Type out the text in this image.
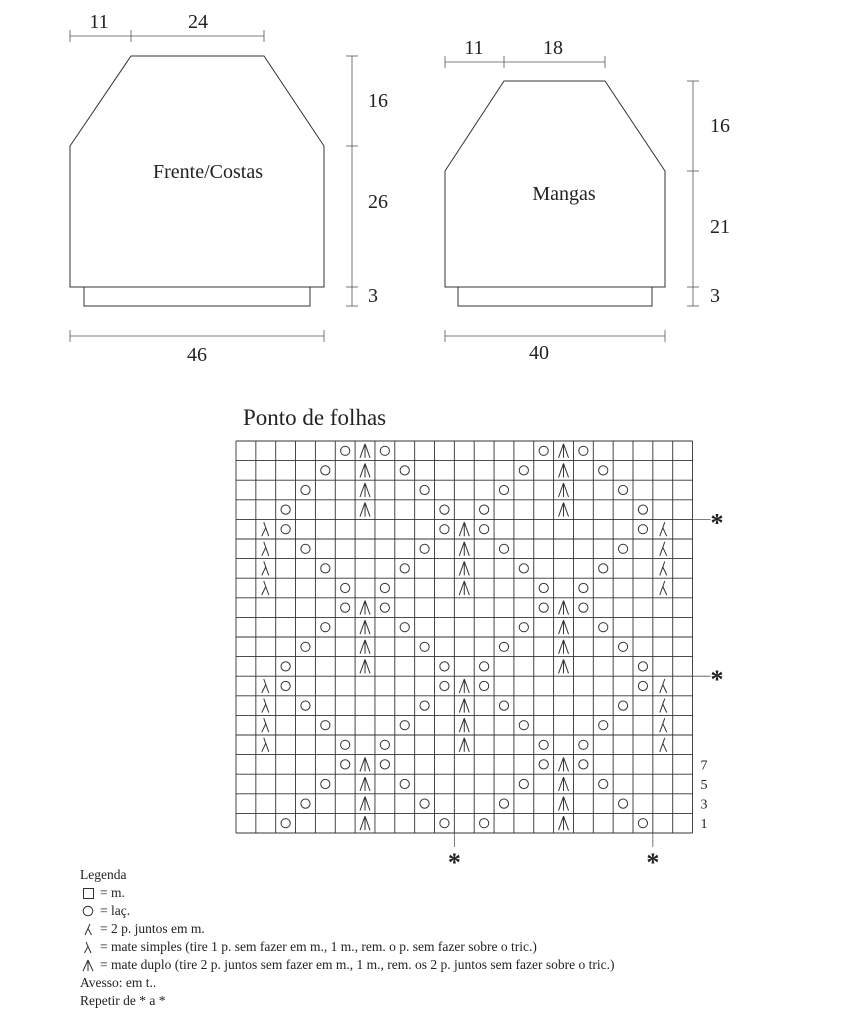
Frente/Costas
11	24
16
26
3
46
Mangas
11	18
16
21
3
40
Ponto de folhas
7
5
3
1
*
*
*	*
Legenda
= m.
= laç.
= 2 p. juntos em m.
= mate simples (tire 1 p. sem fazer em m., 1 m., rem. o p. sem fazer sobre o tric.)
= mate duplo (tire 2 p. juntos sem fazer em m., 1 m., rem. os 2 p. juntos sem fazer sobre o tric.)
Avesso: em t..
Repetir de * a *
